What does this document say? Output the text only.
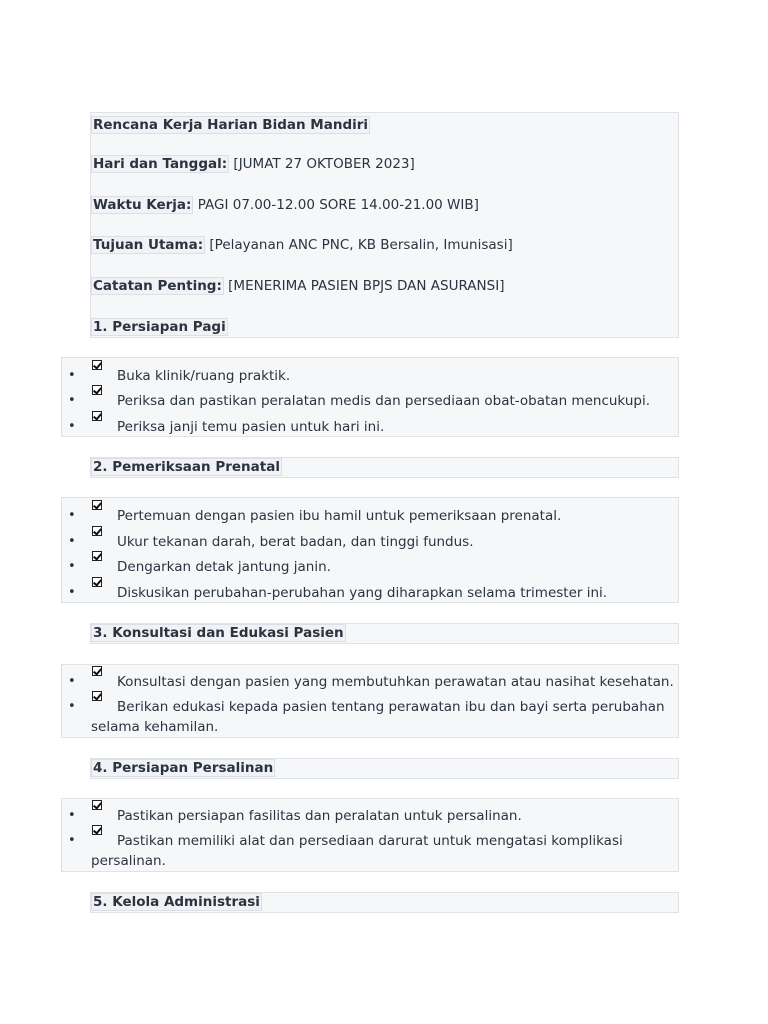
Rencana Kerja Harian Bidan Mandiri
Hari dan Tanggal: [JUMAT 27 OKTOBER 2023]
Waktu Kerja: PAGI 07.00-12.00 SORE 14.00-21.00 WIB]
Tujuan Utama: [Pelayanan ANC PNC, KB Bersalin, Imunisasi]
Catatan Penting: [MENERIMA PASIEN BPJS DAN ASURANSI]
1. Persiapan Pagi
•	Buka klinik/ruang praktik.
•	Periksa dan pastikan peralatan medis dan persediaan obat-obatan mencukupi.
•	Periksa janji temu pasien untuk hari ini.
2. Pemeriksaan Prenatal
•	Pertemuan dengan pasien ibu hamil untuk pemeriksaan prenatal.
•	Ukur tekanan darah, berat badan, dan tinggi fundus.
•	Dengarkan detak jantung janin.
•	Diskusikan perubahan-perubahan yang diharapkan selama trimester ini.
3. Konsultasi dan Edukasi Pasien
•	Konsultasi dengan pasien yang membutuhkan perawatan atau nasihat kesehatan.
•	Berikan edukasi kepada pasien tentang perawatan ibu dan bayi serta perubahan selama kehamilan.
4. Persiapan Persalinan
•	Pastikan persiapan fasilitas dan peralatan untuk persalinan.
•	Pastikan memiliki alat dan persediaan darurat untuk mengatasi komplikasi persalinan.
5. Kelola Administrasi
